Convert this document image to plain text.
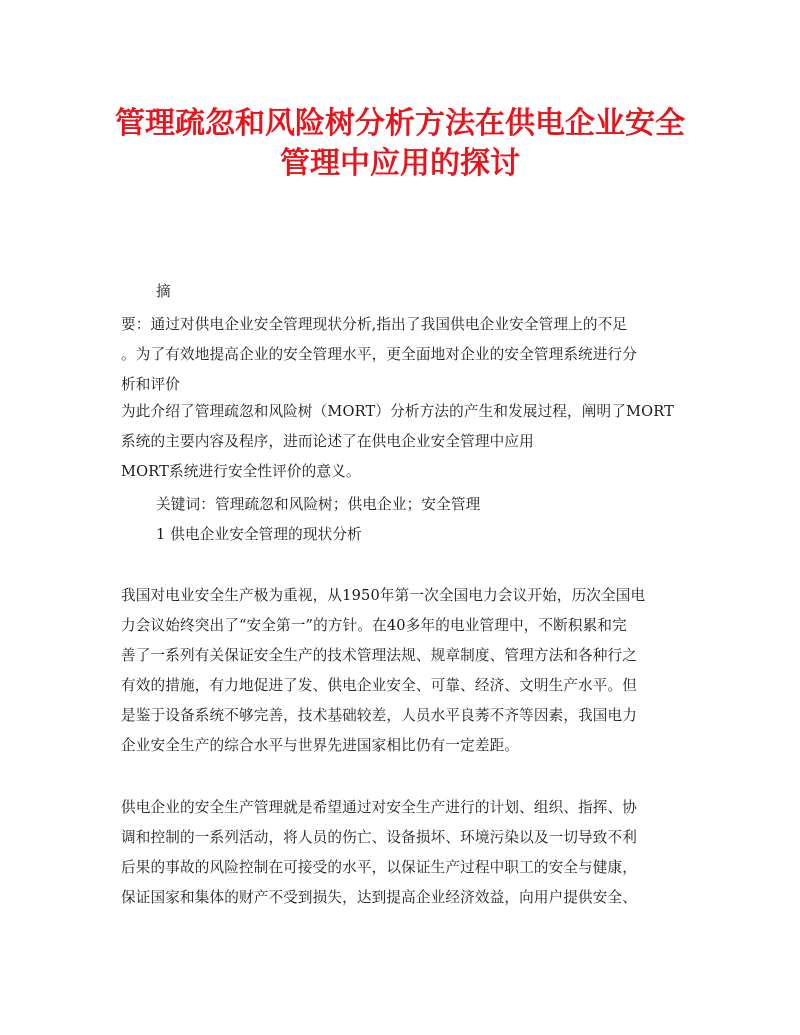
管理疏忽和风险树分析方法在供电企业安全
管理中应用的探讨
摘
要：通过对供电企业安全管理现状分析,指出了我国供电企业安全管理上的不足
。为了有效地提高企业的安全管理水平，更全面地对企业的安全管理系统进行分
析和评价
为此介绍了管理疏忽和风险树（MORT）分析方法的产生和发展过程，阐明了MORT
系统的主要内容及程序，进而论述了在供电企业安全管理中应用
MORT系统进行安全性评价的意义。
关键词：管理疏忽和风险树；供电企业；安全管理
1 供电企业安全管理的现状分析
我国对电业安全生产极为重视，从1950年第一次全国电力会议开始，历次全国电
力会议始终突出了“安全第一”的方针。在40多年的电业管理中，不断积累和完
善了一系列有关保证安全生产的技术管理法规、规章制度、管理方法和各种行之
有效的措施，有力地促进了发、供电企业安全、可靠、经济、文明生产水平。但
是鉴于设备系统不够完善，技术基础较差，人员水平良莠不齐等因素，我国电力
企业安全生产的综合水平与世界先进国家相比仍有一定差距。
供电企业的安全生产管理就是希望通过对安全生产进行的计划、组织、指挥、协
调和控制的一系列活动，将人员的伤亡、设备损坏、环境污染以及一切导致不利
后果的事故的风险控制在可接受的水平，以保证生产过程中职工的安全与健康，
保证国家和集体的财产不受到损失，达到提高企业经济效益，向用户提供安全、
